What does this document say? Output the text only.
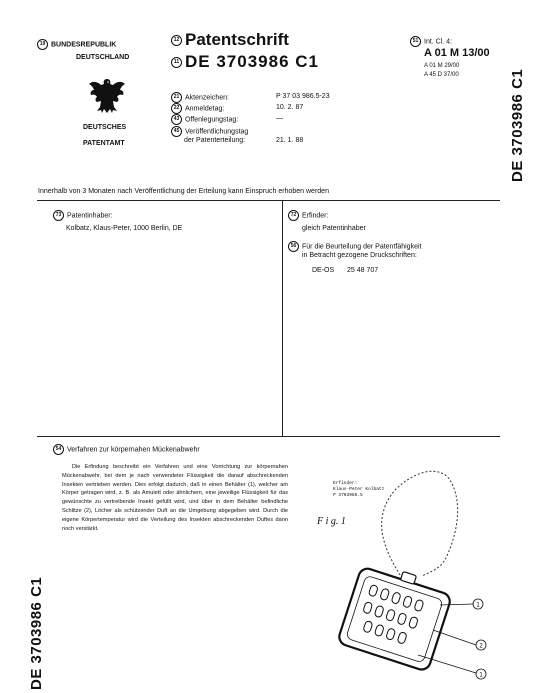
19 BUNDESREPUBLIK
DEUTSCHLAND
DEUTSCHES
PATENTAMT
12 Patentschrift
11 DE 3703986 C1
51 Int. Cl. 4:
A 01 M 13/00
A 01 M 29/00
A 45 D 37/00	DE 3703986 C1
21 Aktenzeichen:	P 37 03 986.5-23
22 Anmeldetag:	10. 2. 87
43 Offenlegungstag:	—
45 Veröffentlichungstag
der Patenterteilung:	21. 1. 88
Innerhalb von 3 Monaten nach Veröffentlichung der Erteilung kann Einspruch erhoben werden
73 Patentinhaber:
Kolbatz, Klaus-Peter, 1000 Berlin, DE
72 Erfinder:
gleich Patentinhaber
56 Für die Beurteilung der Patentfähigkeit
in Betracht gezogene Druckschriften:
DE-OS 25 48 707
54 Verfahren zur körpernahen Mückenabwehr
Die Erfindung beschreibt ein Verfahren und eine Vorrichtung zur körpernahen Mückenabwehr, bei dem je nach verwendeter Flüssigkeit die darauf abschreckenden Insekten vertrieben werden. Dies erfolgt dadurch, daß in einen Behälter (1), welcher am Körper getragen wird, z. B. als Amulett oder ähnlichem, eine jeweilige Flüssigkeit für das gewünschte zu vertreibende Insekt gefüllt wird, und über in dem Behälter befindliche Schlitze (2), Löcher als schützender Duft an die Umgebung abgegeben wird. Durch die eigene Körpertemperatur wird die Verteilung des Insekten abschreckenden Duftes dann noch verstärkt.
DE 3703986 C1
Erfinder:
Klaus-Peter Kolbatz
P 3703986.5
F i g. 1
1
2
1
